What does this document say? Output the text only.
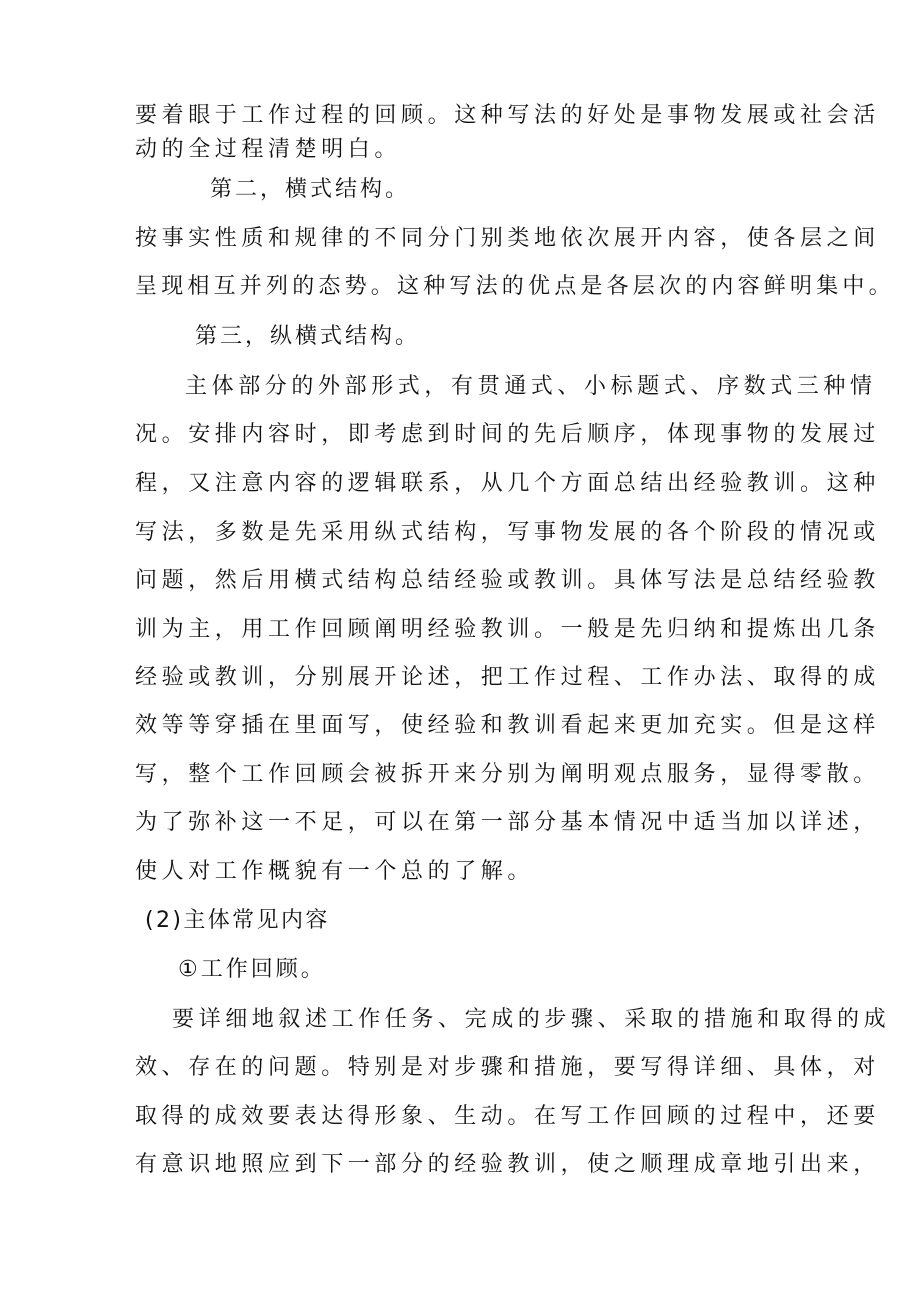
要着眼于工作过程的回顾。这种写法的好处是事物发展或社会活
动的全过程清楚明白。
第二，横式结构。
按事实性质和规律的不同分门别类地依次展开内容，使各层之间
呈现相互并列的态势。这种写法的优点是各层次的内容鲜明集中。
第三，纵横式结构。
主体部分的外部形式，有贯通式、小标题式、序数式三种情
况。安排内容时，即考虑到时间的先后顺序，体现事物的发展过
程，又注意内容的逻辑联系，从几个方面总结出经验教训。这种
写法，多数是先采用纵式结构，写事物发展的各个阶段的情况或
问题，然后用横式结构总结经验或教训。具体写法是总结经验教
训为主，用工作回顾阐明经验教训。一般是先归纳和提炼出几条
经验或教训，分别展开论述，把工作过程、工作办法、取得的成
效等等穿插在里面写，使经验和教训看起来更加充实。但是这样
写，整个工作回顾会被拆开来分别为阐明观点服务，显得零散。
为了弥补这一不足，可以在第一部分基本情况中适当加以详述，
使人对工作概貌有一个总的了解。
(2)主体常见内容
①工作回顾。
要详细地叙述工作任务、完成的步骤、采取的措施和取得的成
效、存在的问题。特别是对步骤和措施，要写得详细、具体，对
取得的成效要表达得形象、生动。在写工作回顾的过程中，还要
有意识地照应到下一部分的经验教训，使之顺理成章地引出来，
